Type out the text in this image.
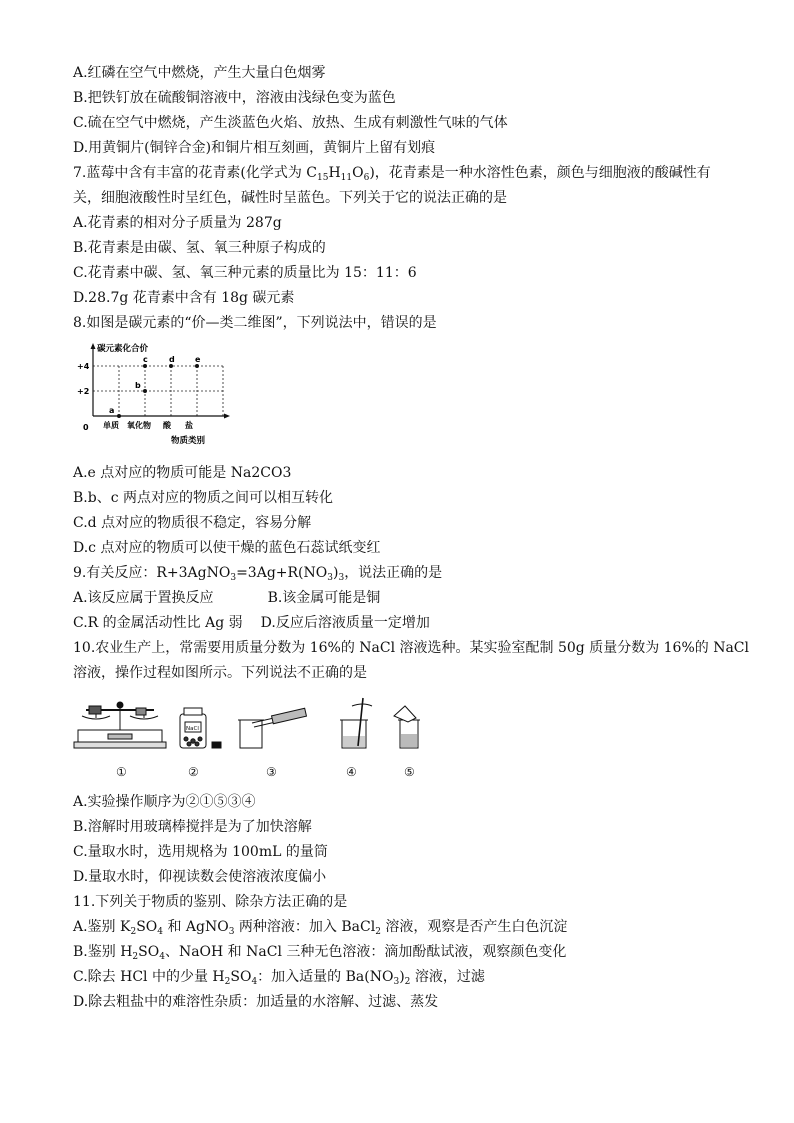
A.红磷在空气中燃烧，产生大量白色烟雾
B.把铁钉放在硫酸铜溶液中，溶液由浅绿色变为蓝色
C.硫在空气中燃烧，产生淡蓝色火焰、放热、生成有刺激性气味的气体
D.用黄铜片(铜锌合金)和铜片相互刻画，黄铜片上留有划痕
7.蓝莓中含有丰富的花青素(化学式为 $C_{15}H_{11}O_6$)，花青素是一种水溶性色素，颜色与细胞液的酸碱性有
关，细胞液酸性时呈红色，碱性时呈蓝色。下列关于它的说法正确的是
A.花青素的相对分子质量为 287g
B.花青素是由碳、氢、氧三种原子构成的
C.花青素中碳、氢、氧三种元素的质量比为 15：11：6
D.28.7g 花青素中含有 18g 碳元素
8.如图是碳元素的“价—类二维图”，下列说法中，错误的是
碳元素化合价
物质类别
+4
+2
0 单质 氧化物 酸 盐
a
b
c	d	e
A.e 点对应的物质可能是 Na2CO3
B.b、c 两点对应的物质之间可以相互转化
C.d 点对应的物质很不稳定，容易分解
D.c 点对应的物质可以使干燥的蓝色石蕊试纸变红
9.有关反应：$R+3AgNO_3=3Ag+R(NO_3)_3$，说法正确的是
A.该反应属于置换反应	B.该金属可能是铜
C.R 的金属活动性比 Ag 弱 D.反应后溶液质量一定增加
10.农业生产上，常需要用质量分数为 16%的 NaCl 溶液选种。某实验室配制 50g 质量分数为 16%的 NaCl
溶液，操作过程如图所示。下列说法不正确的是
NaCl
①	②	③	④	⑤
A.实验操作顺序为②①⑤③④
B.溶解时用玻璃棒搅拌是为了加快溶解
C.量取水时，选用规格为 100mL 的量筒
D.量取水时，仰视读数会使溶液浓度偏小
11.下列关于物质的鉴别、除杂方法正确的是
A.鉴别 $K_2SO_4$ 和 AgNO$_3$ 两种溶液：加入 BaCl$_2$ 溶液，观察是否产生白色沉淀
B.鉴别 $H_2SO_4$、NaOH 和 NaCl 三种无色溶液：滴加酚酞试液，观察颜色变化
C.除去 HCl 中的少量 $H_2SO_4$：加入适量的 $Ba(NO_3)_2$ 溶液，过滤
D.除去粗盐中的难溶性杂质：加适量的水溶解、过滤、蒸发
